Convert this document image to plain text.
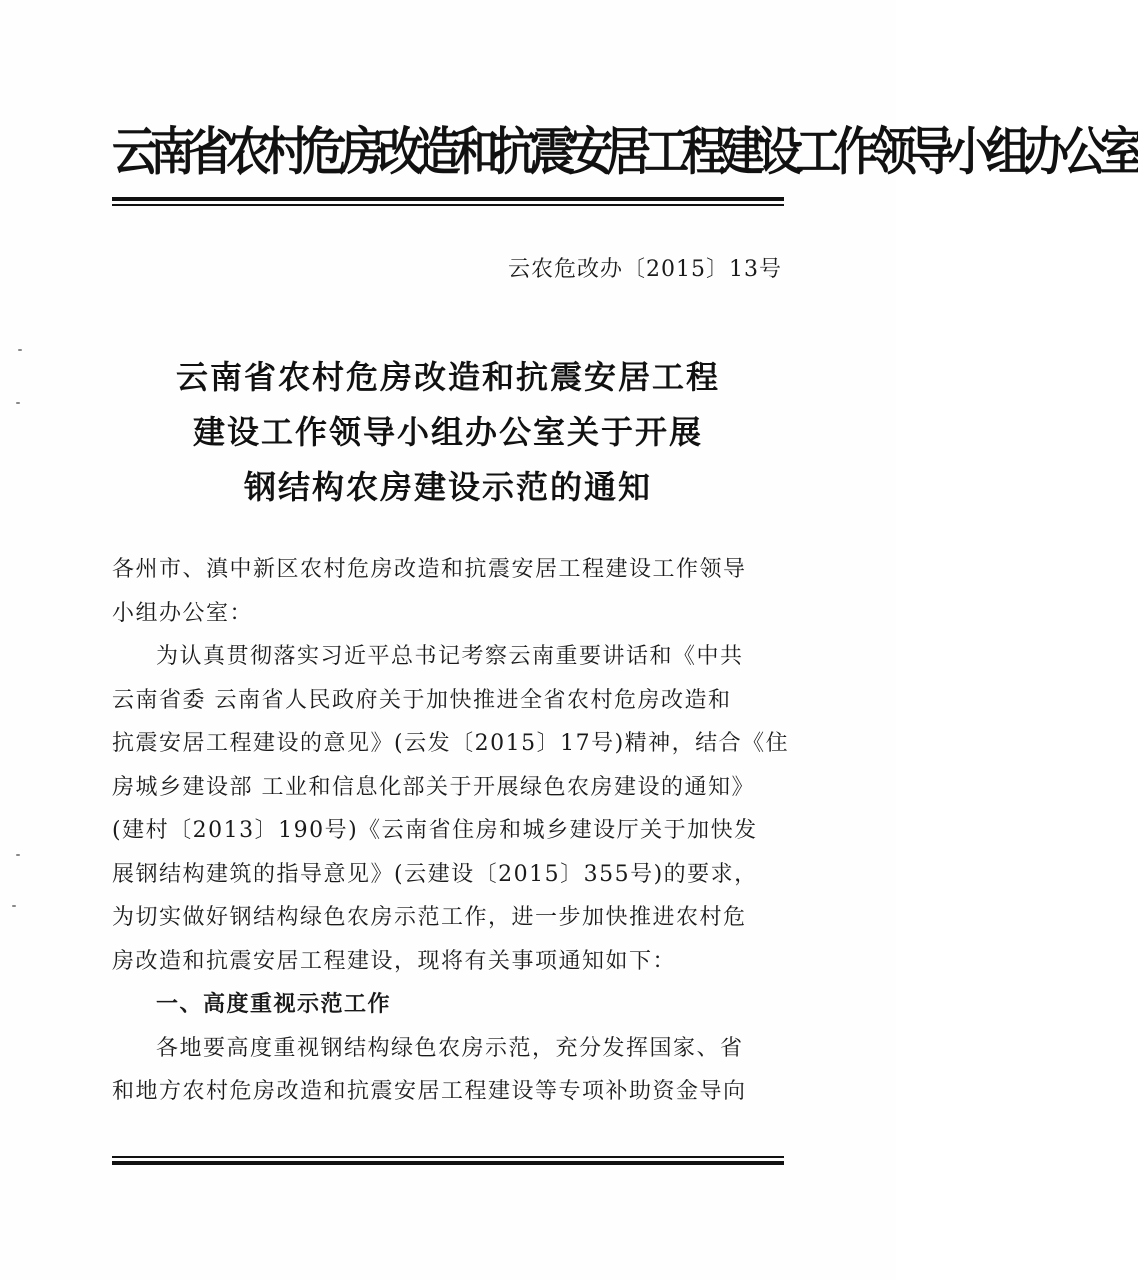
云南省农村危房改造和抗震安居工程建设工作领导小组办公室
云农危改办〔2015〕13号
云南省农村危房改造和抗震安居工程
建设工作领导小组办公室关于开展
钢结构农房建设示范的通知
各州市、滇中新区农村危房改造和抗震安居工程建设工作领导
小组办公室：
为认真贯彻落实习近平总书记考察云南重要讲话和《中共
云南省委 云南省人民政府关于加快推进全省农村危房改造和
抗震安居工程建设的意见》(云发〔2015〕17号)精神，结合《住
房城乡建设部 工业和信息化部关于开展绿色农房建设的通知》
(建村〔2013〕190号)《云南省住房和城乡建设厅关于加快发
展钢结构建筑的指导意见》(云建设〔2015〕355号)的要求，
为切实做好钢结构绿色农房示范工作，进一步加快推进农村危
房改造和抗震安居工程建设，现将有关事项通知如下：
一、高度重视示范工作
各地要高度重视钢结构绿色农房示范，充分发挥国家、省
和地方农村危房改造和抗震安居工程建设等专项补助资金导向
